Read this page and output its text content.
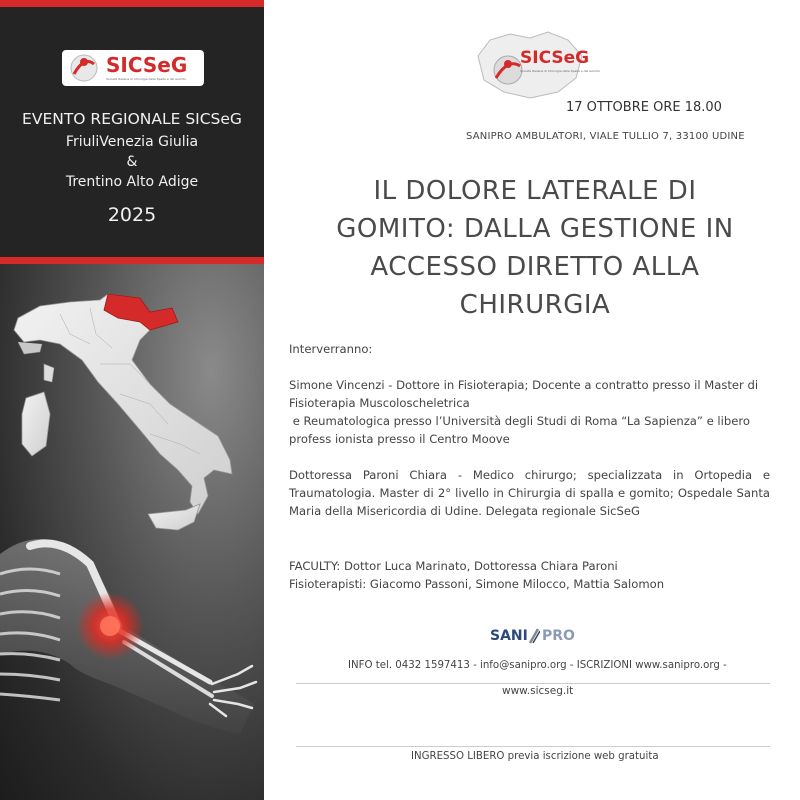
SICSeG
Società Italiana di Chirurgia della Spalla e del Gomito
EVENTO REGIONALE SICSeG
FriuliVenezia Giulia
&
Trentino Alto Adige
2025
SICSeG
Società Italiana di Chirurgia della Spalla e del Gomito
17 OTTOBRE ORE 18.00
SANIPRO AMBULATORI, VIALE TULLIO 7, 33100 UDINE
IL DOLORE LATERALE DI
GOMITO: DALLA GESTIONE IN
ACCESSO DIRETTO ALLA
CHIRURGIA
Interverranno:
Simone Vincenzi - Dottore in Fisioterapia; Docente a contratto presso il Master di Fisioterapia Muscoloscheletrica
e Reumatologica presso l’Università degli Studi di Roma “La Sapienza” e libero profess ionista presso il Centro Moove
Dottoressa Paroni Chiara - Medico chirurgo; specializzata in Ortopedia e Traumatologia. Master di 2° livello in Chirurgia di spalla e gomito; Ospedale Santa Maria della Misericordia di Udine. Delegata regionale SicSeG
FACULTY: Dottor Luca Marinato, Dottoressa Chiara Paroni
Fisioterapisti: Giacomo Passoni, Simone Milocco, Mattia Salomon
SANI PRO
INFO tel. 0432 1597413 - info@sanipro.org - ISCRIZIONI www.sanipro.org -
www.sicseg.it
INGRESSO LIBERO previa iscrizione web gratuita
